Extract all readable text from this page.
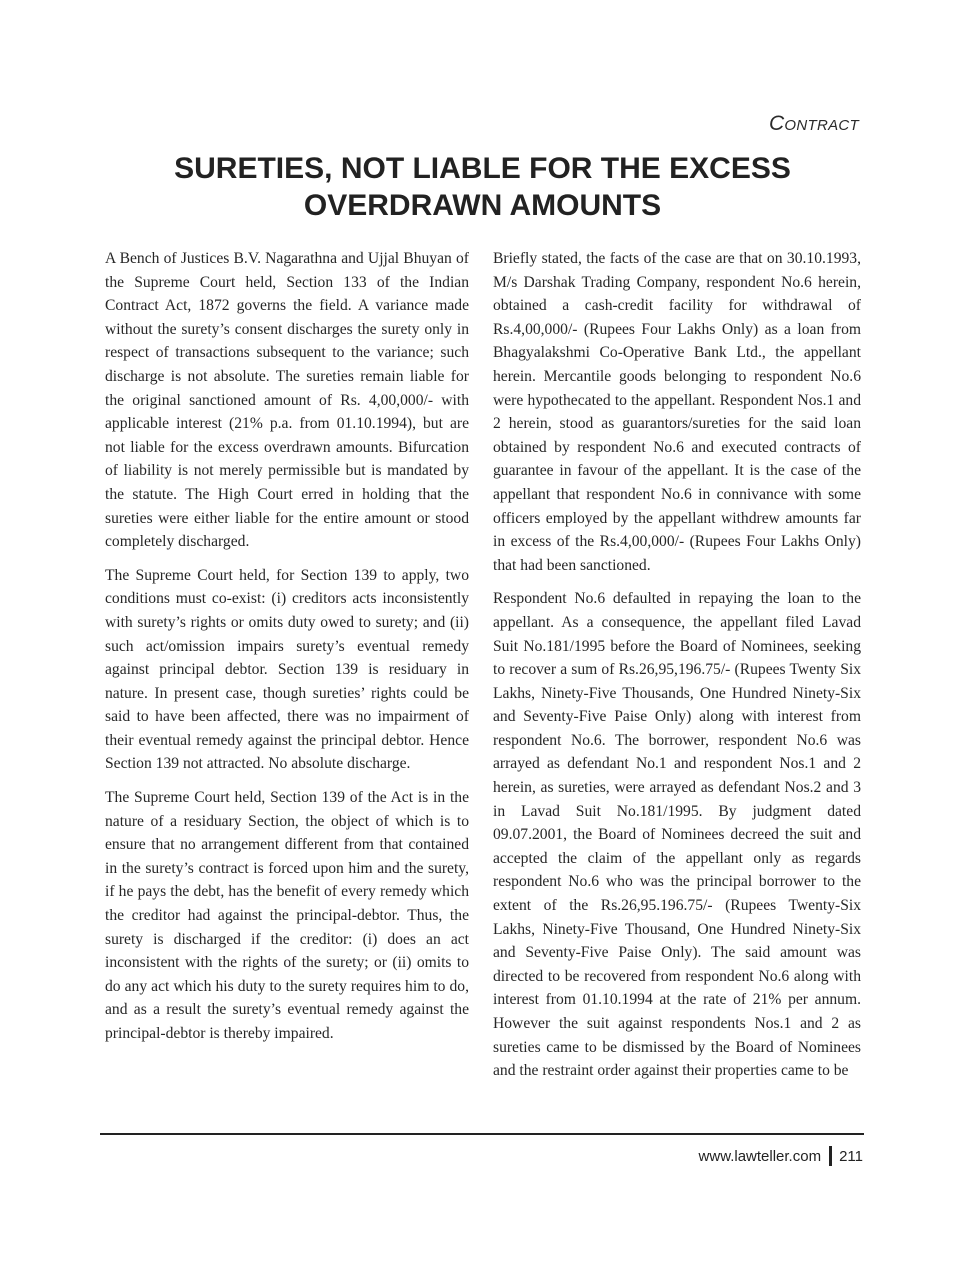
Contract
SURETIES, NOT LIABLE FOR THE EXCESS OVERDRAWN AMOUNTS

A Bench of Justices B.V. Nagarathna and Ujjal Bhuyan of the Supreme Court held, Section 133 of the Indian Contract Act, 1872 governs the field. A variance made without the surety’s consent discharges the surety only in respect of transactions subsequent to the variance; such discharge is not absolute. The sureties remain liable for the original sanctioned amount of Rs. 4,00,000/- with applicable interest (21% p.a. from 01.10.1994), but are not liable for the excess overdrawn amounts. Bifurcation of liability is not merely permissible but is mandated by the statute. The High Court erred in holding that the sureties were either liable for the entire amount or stood completely discharged.

The Supreme Court held, for Section 139 to apply, two conditions must co-exist: (i) creditors acts inconsistently with surety’s rights or omits duty owed to surety; and (ii) such act/omission impairs surety’s eventual remedy against principal debtor. Section 139 is residuary in nature. In present case, though sureties’ rights could be said to have been affected, there was no impairment of their eventual remedy against the principal debtor. Hence Section 139 not attracted. No absolute discharge.

The Supreme Court held, Section 139 of the Act is in the nature of a residuary Section, the object of which is to ensure that no arrangement different from that contained in the surety’s contract is forced upon him and the surety, if he pays the debt, has the benefit of every remedy which the creditor had against the principal-debtor. Thus, the surety is discharged if the creditor: (i) does an act inconsistent with the rights of the surety; or (ii) omits to do any act which his duty to the surety requires him to do, and as a result the surety’s eventual remedy against the principal-debtor is thereby impaired.

Briefly stated, the facts of the case are that on 30.10.1993, M/s Darshak Trading Company, respondent No.6 herein, obtained a cash-credit facility for withdrawal of Rs.4,00,000/- (Rupees Four Lakhs Only) as a loan from Bhagyalakshmi Co-Operative Bank Ltd., the appellant herein. Mercantile goods belonging to respondent No.6 were hypothecated to the appellant. Respondent Nos.1 and 2 herein, stood as guarantors/sureties for the said loan obtained by respondent No.6 and executed contracts of guarantee in favour of the appellant. It is the case of the appellant that respondent No.6 in connivance with some officers employed by the appellant withdrew amounts far in excess of the Rs.4,00,000/- (Rupees Four Lakhs Only) that had been sanctioned.

Respondent No.6 defaulted in repaying the loan to the appellant. As a consequence, the appellant filed Lavad Suit No.181/1995 before the Board of Nominees, seeking to recover a sum of Rs.26,95,196.75/- (Rupees Twenty Six Lakhs, Ninety-Five Thousands, One Hundred Ninety-Six and Seventy-Five Paise Only) along with interest from respondent No.6. The borrower, respondent No.6 was arrayed as defendant No.1 and respondent Nos.1 and 2 herein, as sureties, were arrayed as defendant Nos.2 and 3 in Lavad Suit No.181/1995. By judgment dated 09.07.2001, the Board of Nominees decreed the suit and accepted the claim of the appellant only as regards respondent No.6 who was the principal borrower to the extent of the Rs.26,95.196.75/- (Rupees Twenty-Six Lakhs, Ninety-Five Thousand, One Hundred Ninety-Six and Seventy-Five Paise Only). The said amount was directed to be recovered from respondent No.6 along with interest from 01.10.1994 at the rate of 21% per annum. However the suit against respondents Nos.1 and 2 as sureties came to be dismissed by the Board of Nominees and the restraint order against their properties came to be

www.lawteller.com 211
